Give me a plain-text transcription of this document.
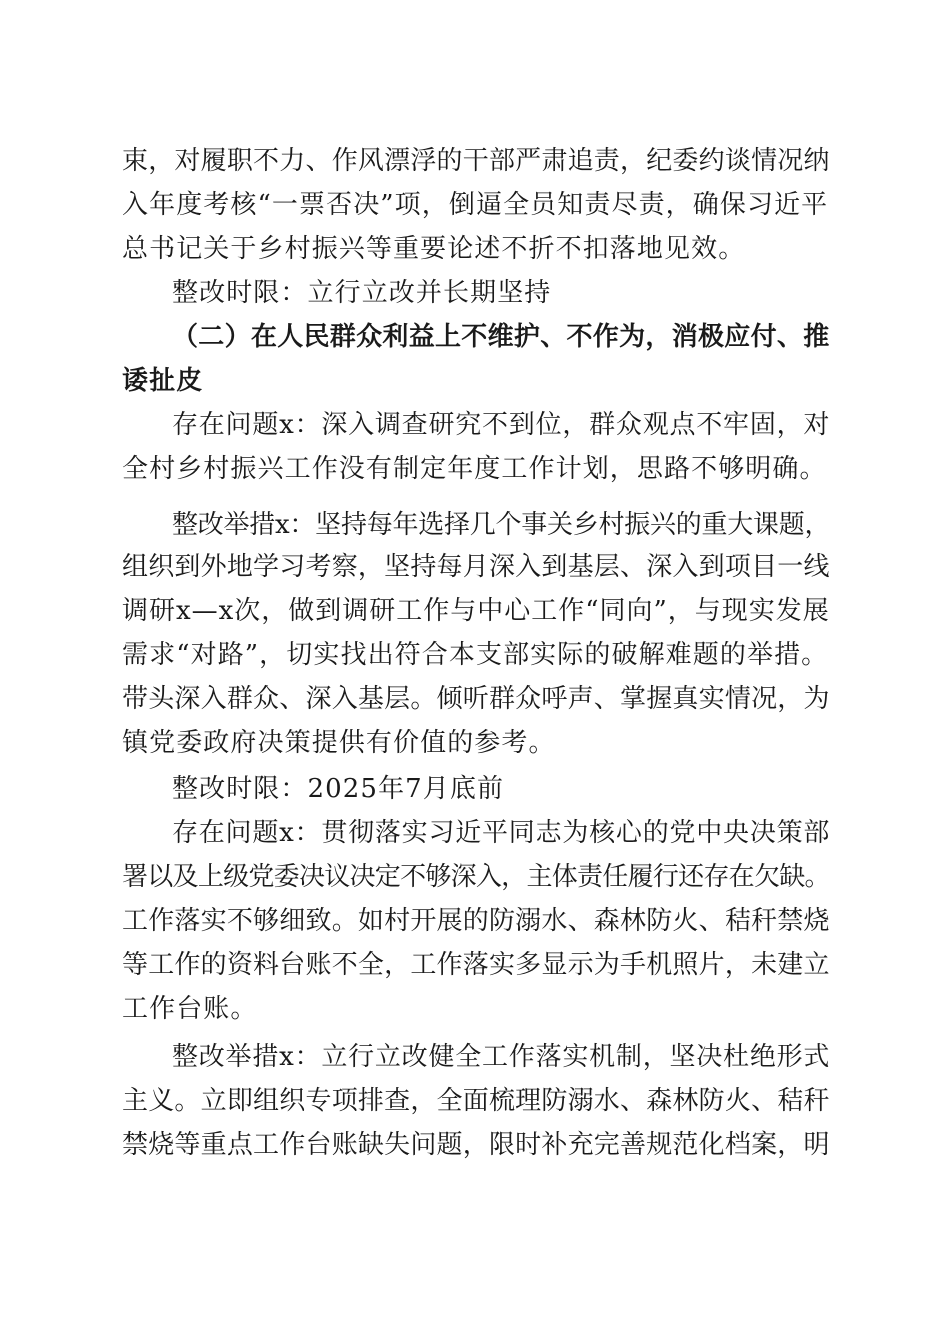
束，对履职不力、作风漂浮的干部严肃追责，纪委约谈情况纳
入年度考核“一票否决”项，倒逼全员知责尽责，确保习近平
总书记关于乡村振兴等重要论述不折不扣落地见效。
整改时限：立行立改并长期坚持
（二）在人民群众利益上不维护、不作为，消极应付、推
诿扯皮
存在问题x：深入调查研究不到位，群众观点不牢固，对
全村乡村振兴工作没有制定年度工作计划，思路不够明确。
整改举措x：坚持每年选择几个事关乡村振兴的重大课题，
组织到外地学习考察，坚持每月深入到基层、深入到项目一线
调研x—x次，做到调研工作与中心工作“同向”，与现实发展
需求“对路”，切实找出符合本支部实际的破解难题的举措。
带头深入群众、深入基层。倾听群众呼声、掌握真实情况，为
镇党委政府决策提供有价值的参考。
整改时限：2025年7月底前
存在问题x：贯彻落实习近平同志为核心的党中央决策部
署以及上级党委决议决定不够深入，主体责任履行还存在欠缺。
工作落实不够细致。如村开展的防溺水、森林防火、秸秆禁烧
等工作的资料台账不全，工作落实多显示为手机照片，未建立
工作台账。
整改举措x：立行立改健全工作落实机制，坚决杜绝形式
主义。立即组织专项排查，全面梳理防溺水、森林防火、秸秆
禁烧等重点工作台账缺失问题，限时补充完善规范化档案，明
